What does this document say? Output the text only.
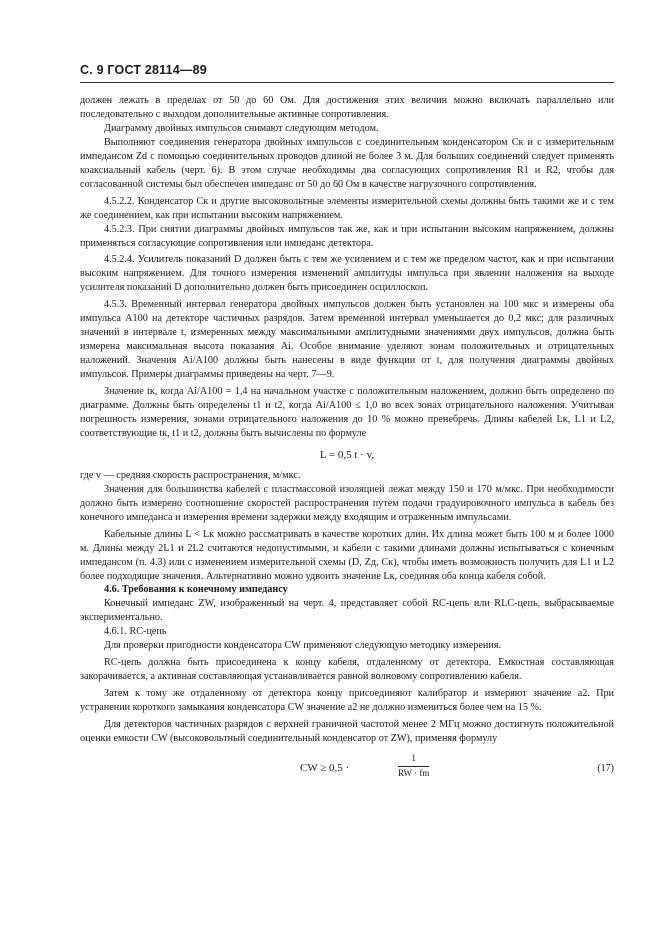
С. 9 ГОСТ 28114—89

должен лежать в пределах от 50 до 60 Ом. Для достижения этих величин можно включать параллельно или последовательно с выходом дополнительные активные сопротивления.

Диаграмму двойных импульсов снимают следующим методом.

Выполняют соединения генератора двойных импульсов с соединительным конденсатором Cк и с измерительным импедансом Zd с помощью соединительных проводов длиной не более 3 м. Для больших соединений следует применять коаксиальный кабель (черт. 6). В этом случае необходимы два согласующих сопротивления R1 и R2, чтобы для согласованной системы был обеспечен импеданс от 50 до 60 Ом в качестве нагрузочного сопротивления.

4.5.2.2. Конденсатор Cк и другие высоковольтные элементы измерительной схемы должны быть такими же и с тем же соединением, как при испытании высоким напряжением.

4.5.2.3. При снятии диаграммы двойных импульсов так же, как и при испытании высоким напряжением, должны применяться согласующие сопротивления или импеданс детектора.

4.5.2.4. Усилитель показаний D должен быть с тем же усилением и с тем же пределом частот, как и при испытании высоким напряжением. Для точного измерения изменений амплитуды импульса при явлении наложения на выходе усилителя показаний D дополнительно должен быть присоединен осциллоскоп.

4.5.3. Временный интервал генератора двойных импульсов должен быть установлен на 100 мкс и измерены оба импульса A100 на детекторе частичных разрядов. Затем временной интервал уменьшается до 0,2 мкс; для различных значений в интервале t, измеренных между максимальными амплитудными значениями двух импульсов, должна быть измерена максимальная высота показания Ai. Особое внимание уделяют зонам положительных и отрицательных наложений. Значения Ai/A100 должны быть нанесены в виде функции от t, для получения диаграммы двойных импульсов. Примеры диаграммы приведены на черт. 7—9.

Значение tк, когда Ai/A100 = 1,4 на начальном участке с положительным наложением, должно быть определено по диаграмме. Должны быть определены t1 и t2, когда Ai/A100 ≤ 1,0 во всех зонах отрицательного наложения. Учитывая погрешность измерения, зонами отрицательного наложения до 10 % можно пренебречь. Длины кабелей Lк, L1 и L2, соответствующие tк, t1 и t2, должны быть вычислены по формуле

L = 0,5 t · v,

где v — средняя скорость распространения, м/мкс.

Значения для большинства кабелей с пластмассовой изоляцией лежат между 150 и 170 м/мкс. При необходимости должно быть измерено соотношение скоростей распространения путем подачи градуировочного импульса в кабель без конечного импеданса и измерения времени задержки между входящим и отраженным импульсами.

Кабельные длины L < Lк можно рассматривать в качестве коротких длин. Их длина может быть 100 м и более 1000 м. Длины между 2L1 и 2L2 считаются недопустимыми, и кабели с такими длинами должны испытываться с конечным импедансом (п. 4.3) или с изменением измерительной схемы (D, Zд, Cк), чтобы иметь возможность получить для L1 и L2 более подходящие значения. Альтернативно можно удвоить значение Lк, соединяя оба конца кабеля собой.

4.6. Требования к конечному импедансу

Конечный импеданс ZW, изображенный на черт. 4, представляет собой RC-цепь или RLC-цепь, выбрасываемые экспериментально.

4.6.1. RC-цепь

Для проверки пригодности конденсатора CW применяют следующую методику измерения.

RC-цепь должна быть присоединена к концу кабеля, отдаленному от детектора. Емкостная составляющая закорачивается, а активная составляющая устанавливается равной волновому сопротивлению кабеля.

Затем к тому же отдаленному от детектора концу присоединяют калибратор и измеряют значение a2. При устранении короткого замыкания конденсатора CW значение a2 не должно измениться более чем на 15 %.

Для детекторов частичных разрядов с верхней граничной частотой менее 2 МГц можно достигнуть положительной оценки емкости CW (высоковольтный соединительный конденсатор от ZW), применяя формулу

CW ≥ 0,5 ·	$\frac{1}{RW \cdot fm}$	(17)
